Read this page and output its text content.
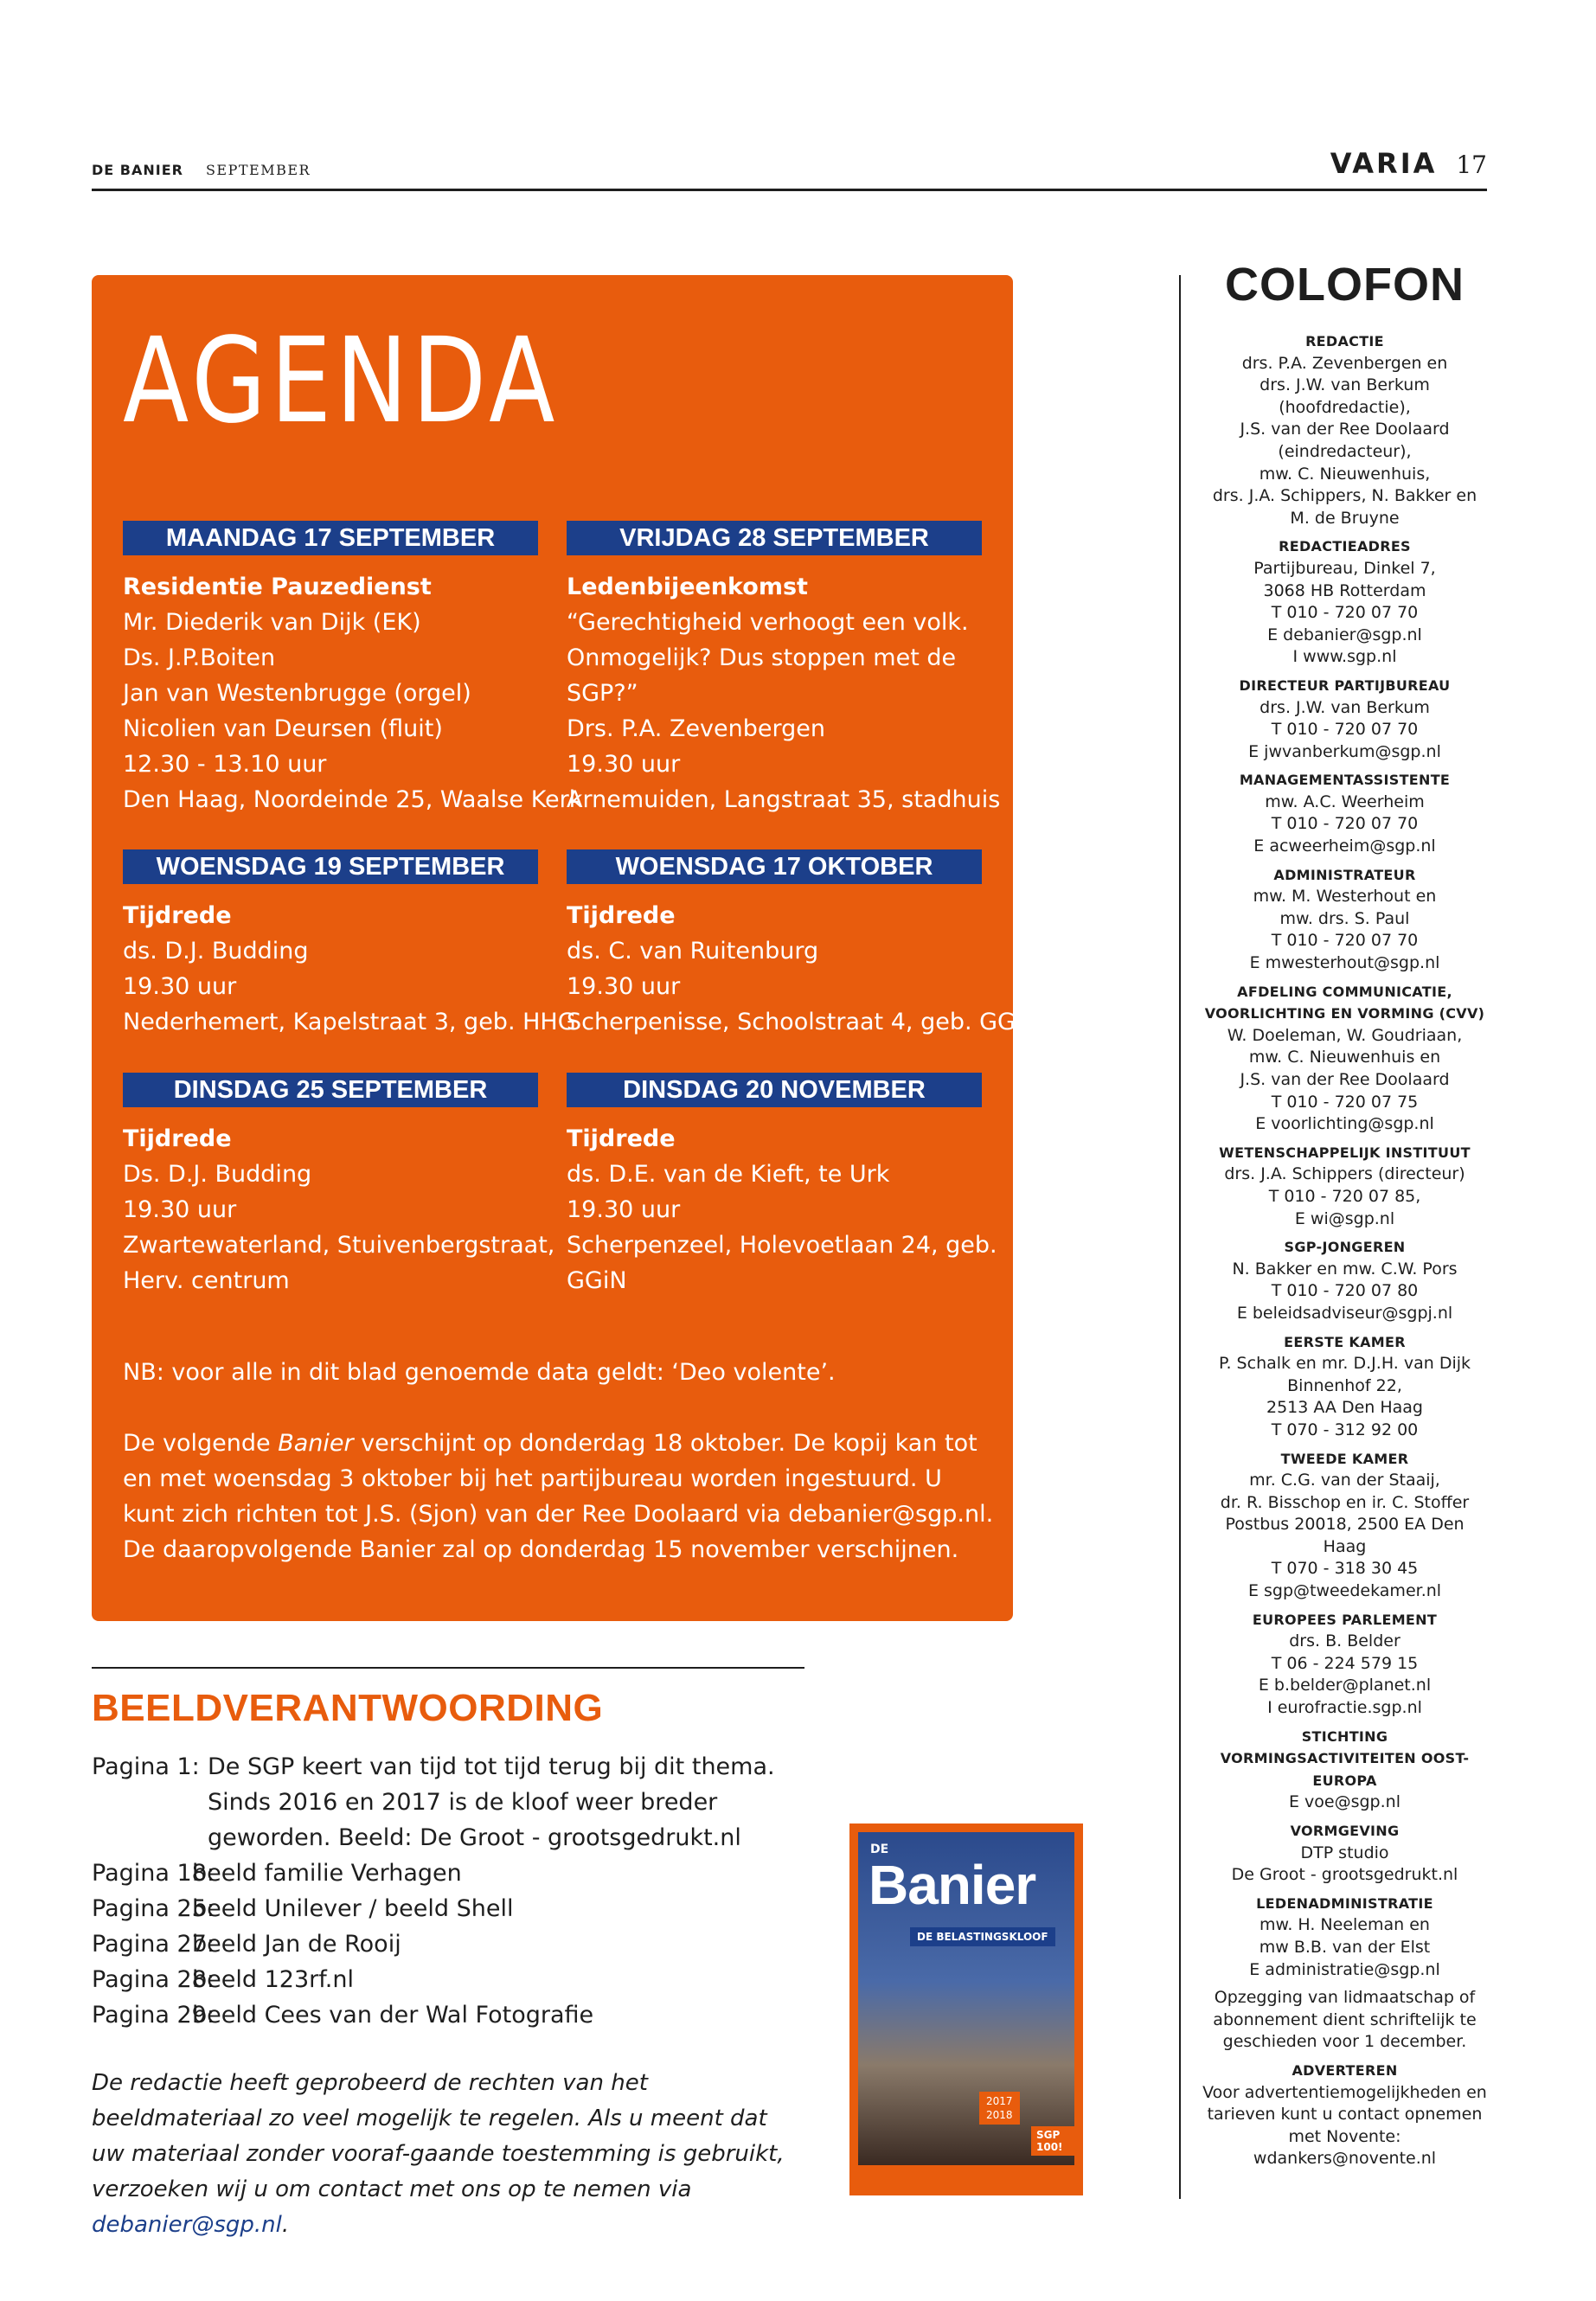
DE BANIER SEPTEMBER	VARIA 17
AGENDA
MAANDAG 17 SEPTEMBER
Residentie Pauzedienst
Mr. Diederik van Dijk (EK)
Ds. J.P.Boiten
Jan van Westenbrugge (orgel)
Nicolien van Deursen (fluit)
12.30 - 13.10 uur
Den Haag, Noordeinde 25, Waalse Kerk
VRIJDAG 28 SEPTEMBER
Ledenbijeenkomst
“Gerechtigheid verhoogt een volk.
Onmogelijk? Dus stoppen met de
SGP?”
Drs. P.A. Zevenbergen
19.30 uur
Arnemuiden, Langstraat 35, stadhuis
WOENSDAG 19 SEPTEMBER
Tijdrede
ds. D.J. Budding
19.30 uur
Nederhemert, Kapelstraat 3, geb. HHG
WOENSDAG 17 OKTOBER
Tijdrede
ds. C. van Ruitenburg
19.30 uur
Scherpenisse, Schoolstraat 4, geb. GG
DINSDAG 25 SEPTEMBER
Tijdrede
Ds. D.J. Budding
19.30 uur
Zwartewaterland, Stuivenbergstraat,
Herv. centrum
DINSDAG 20 NOVEMBER
Tijdrede
ds. D.E. van de Kieft, te Urk
19.30 uur
Scherpenzeel, Holevoetlaan 24, geb.
GGiN

NB: voor alle in dit blad genoemde data geldt: ‘Deo volente’.

De volgende Banier verschijnt op donderdag 18 oktober. De kopij kan tot en met woensdag 3 oktober bij het partijbureau worden ingestuurd. U kunt zich richten tot J.S. (Sjon) van der Ree Doolaard via debanier@sgp.nl.
De daaropvolgende Banier zal op donderdag 15 november verschijnen.
BEELDVERANTWOORDING
Pagina 1: De SGP keert van tijd tot tijd terug bij dit thema. Sinds 2016 en 2017 is de kloof weer breder geworden. Beeld: De Groot - grootsgedrukt.nl
Pagina 18:
beeld familie Verhagen
Pagina 25:
beeld Unilever / beeld Shell
Pagina 27:
beeld Jan de Rooij
Pagina 28:
beeld 123rf.nl
Pagina 29:
beeld Cees van der Wal Fotografie
De redactie heeft geprobeerd de rechten van het beeldmateriaal zo veel mogelijk te regelen. Als u meent dat uw materiaal zonder vooraf-gaande toestemming is gebruikt, verzoeken wij u om contact met ons op te nemen via debanier@sgp.nl.
DE
Banier
DE BELASTINGSKLOOF
2017
2018
SGP 100!
COLOFON
REDACTIE
drs. P.A. Zevenbergen en
drs. J.W. van Berkum
(hoofdredactie),
J.S. van der Ree Doolaard
(eindredacteur),
mw. C. Nieuwenhuis,
drs. J.A. Schippers, N. Bakker en
M. de Bruyne
REDACTIEADRES
Partijbureau, Dinkel 7,
3068 HB Rotterdam
T 010 - 720 07 70
E debanier@sgp.nl
I www.sgp.nl
DIRECTEUR PARTIJBUREAU
drs. J.W. van Berkum
T 010 - 720 07 70
E jwvanberkum@sgp.nl
MANAGEMENTASSISTENTE
mw. A.C. Weerheim
T 010 - 720 07 70
E acweerheim@sgp.nl
ADMINISTRATEUR
mw. M. Westerhout en
mw. drs. S. Paul
T 010 - 720 07 70
E mwesterhout@sgp.nl
AFDELING COMMUNICATIE, VOORLICHTING EN VORMING (CVV)
W. Doeleman, W. Goudriaan,
mw. C. Nieuwenhuis en
J.S. van der Ree Doolaard
T 010 - 720 07 75
E voorlichting@sgp.nl
WETENSCHAPPELIJK INSTITUUT
drs. J.A. Schippers (directeur)
T 010 - 720 07 85,
E wi@sgp.nl
SGP-JONGEREN
N. Bakker en mw. C.W. Pors
T 010 - 720 07 80
E beleidsadviseur@sgpj.nl
EERSTE KAMER
P. Schalk en mr. D.J.H. van Dijk
Binnenhof 22,
2513 AA Den Haag
T 070 - 312 92 00
TWEEDE KAMER
mr. C.G. van der Staaij,
dr. R. Bisschop en ir. C. Stoffer
Postbus 20018, 2500 EA Den Haag
T 070 - 318 30 45
E sgp@tweedekamer.nl
EUROPEES PARLEMENT
drs. B. Belder
T 06 - 224 579 15
E b.belder@planet.nl
I eurofractie.sgp.nl
STICHTING VORMINGSACTIVITEITEN OOST-EUROPA
E voe@sgp.nl
VORMGEVING
DTP studio
De Groot - grootsgedrukt.nl
LEDENADMINISTRATIE
mw. H. Neeleman en
mw B.B. van der Elst
E administratie@sgp.nl
Opzegging van lidmaatschap of
abonnement dient schriftelijk te
geschieden voor 1 december.
ADVERTEREN
Voor advertentiemogelijkheden en
tarieven kunt u contact opnemen
met Novente:
wdankers@novente.nl
